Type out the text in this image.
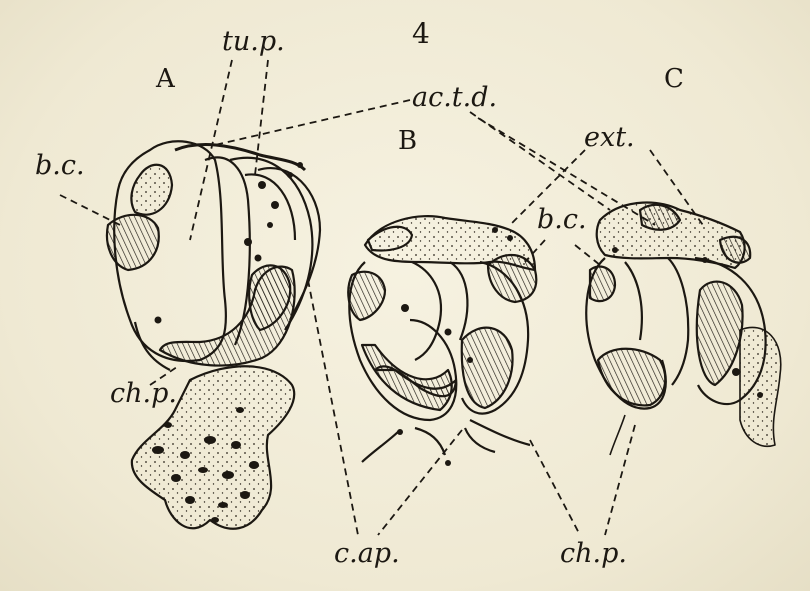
4
A
B
C
tu.p.
ac.t.d.
b.c.
b.c.
ext.
ch.p.
c.ap.	ch.p.
